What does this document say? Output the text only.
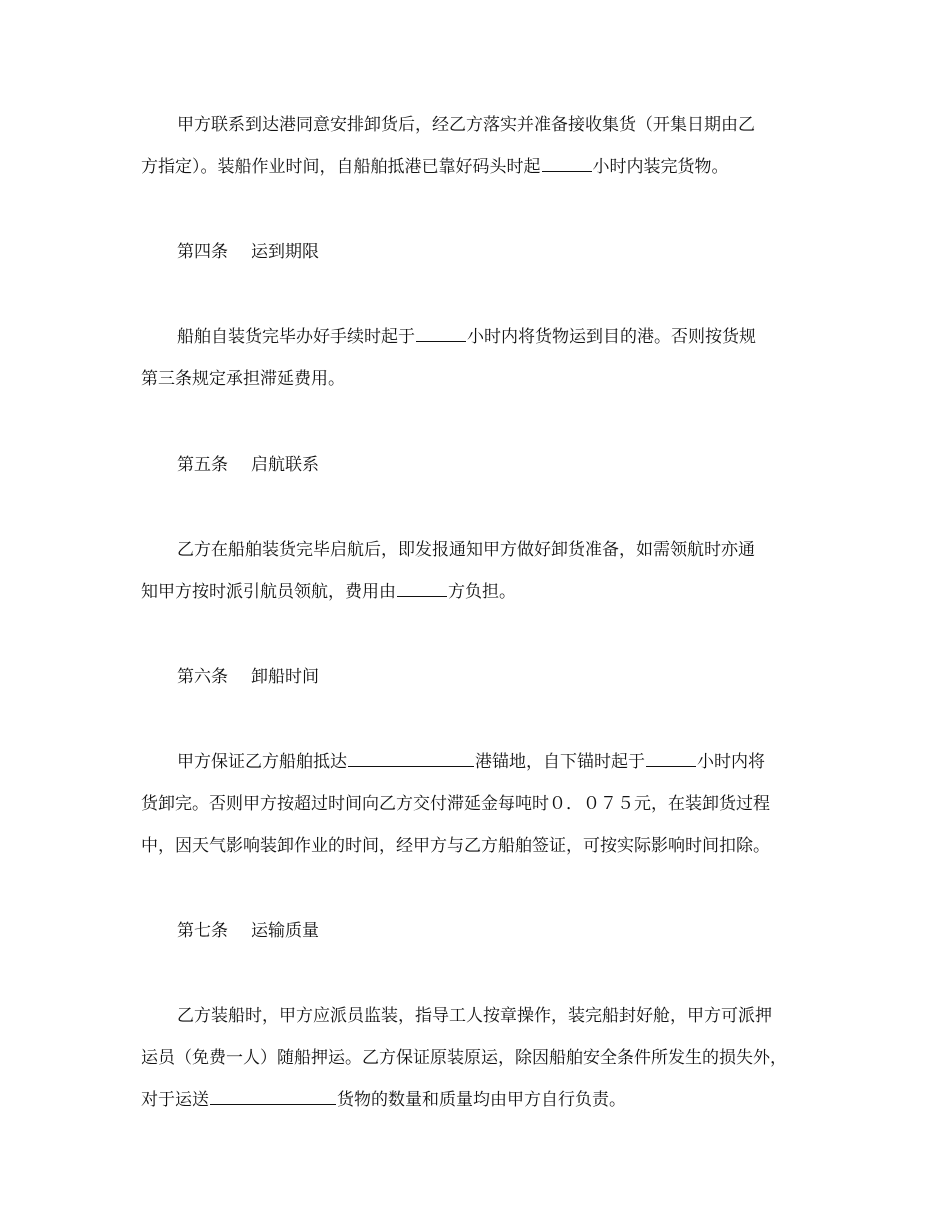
甲方联系到达港同意安排卸货后，经乙方落实并准备接收集货（开集日期由乙
方指定）。装船作业时间，自船舶抵港已靠好码头时起	小时内装完货物。
第四条 运到期限
船舶自装货完毕办好手续时起于	小时内将货物运到目的港。否则按货规
第三条规定承担滞延费用。
第五条 启航联系
乙方在船舶装货完毕启航后，即发报通知甲方做好卸货准备，如需领航时亦通
知甲方按时派引航员领航，费用由	方负担。
第六条 卸船时间
甲方保证乙方船舶抵达	港锚地，自下锚时起于	小时内将
货卸完。否则甲方按超过时间向乙方交付滞延金每吨时０．０７５元，在装卸货过程
中，因天气影响装卸作业的时间，经甲方与乙方船舶签证，可按实际影响时间扣除。
第七条 运输质量
乙方装船时，甲方应派员监装，指导工人按章操作，装完船封好舱，甲方可派押
运员（免费一人）随船押运。乙方保证原装原运，除因船舶安全条件所发生的损失外，
对于运送	货物的数量和质量均由甲方自行负责。
